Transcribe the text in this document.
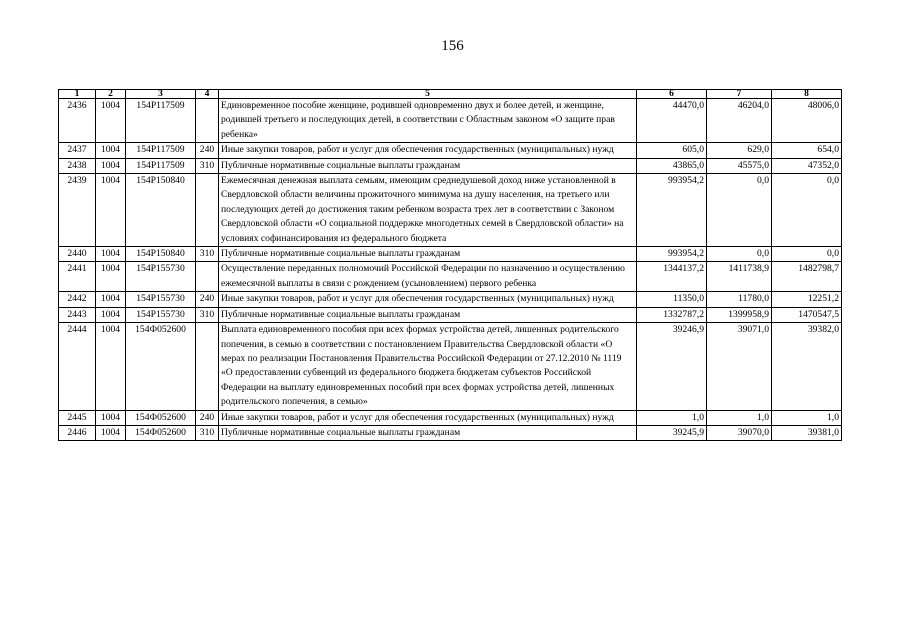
156
1	2	3	4	5	6	7	8
2436	1004	154Р117509		Единовременное пособие женщине, родившей одновременно двух и более детей, и женщине, родившей третьего и последующих детей, в соответствии с Областным законом «О защите прав ребенка»	44470,0	46204,0	48006,0
2437	1004	154Р117509	240	Иные закупки товаров, работ и услуг для обеспечения государственных (муниципальных) нужд	605,0	629,0	654,0
2438	1004	154Р117509	310	Публичные нормативные социальные выплаты гражданам	43865,0	45575,0	47352,0
2439	1004	154Р150840		Ежемесячная денежная выплата семьям, имеющим среднедушевой доход ниже установленной в Свердловской области величины прожиточного минимума на душу населения, на третьего или последующих детей до достижения таким ребенком возраста трех лет в соответствии с Законом Свердловской области «О социальной поддержке многодетных семей в Свердловской области» на условиях софинансирования из федерального бюджета	993954,2	0,0	0,0
2440	1004	154Р150840	310	Публичные нормативные социальные выплаты гражданам	993954,2	0,0	0,0
2441	1004	154Р155730		Осуществление переданных полномочий Российской Федерации по назначению и осуществлению ежемесячной выплаты в связи с рождением (усыновлением) первого ребенка	1344137,2	1411738,9	1482798,7
2442	1004	154Р155730	240	Иные закупки товаров, работ и услуг для обеспечения государственных (муниципальных) нужд	11350,0	11780,0	12251,2
2443	1004	154Р155730	310	Публичные нормативные социальные выплаты гражданам	1332787,2	1399958,9	1470547,5
2444	1004	154Ф052600		Выплата единовременного пособия при всех формах устройства детей, лишенных родительского попечения, в семью в соответствии с постановлением Правительства Свердловской области «О мерах по реализации Постановления Правительства Российской Федерации от 27.12.2010 № 1119 «О предоставлении субвенций из федерального бюджета бюджетам субъектов Российской Федерации на выплату единовременных пособий при всех формах устройства детей, лишенных родительского попечения, в семью»	39246,9	39071,0	39382,0
2445	1004	154Ф052600	240	Иные закупки товаров, работ и услуг для обеспечения государственных (муниципальных) нужд	1,0	1,0	1,0
2446	1004	154Ф052600	310	Публичные нормативные социальные выплаты гражданам	39245,9	39070,0	39381,0
